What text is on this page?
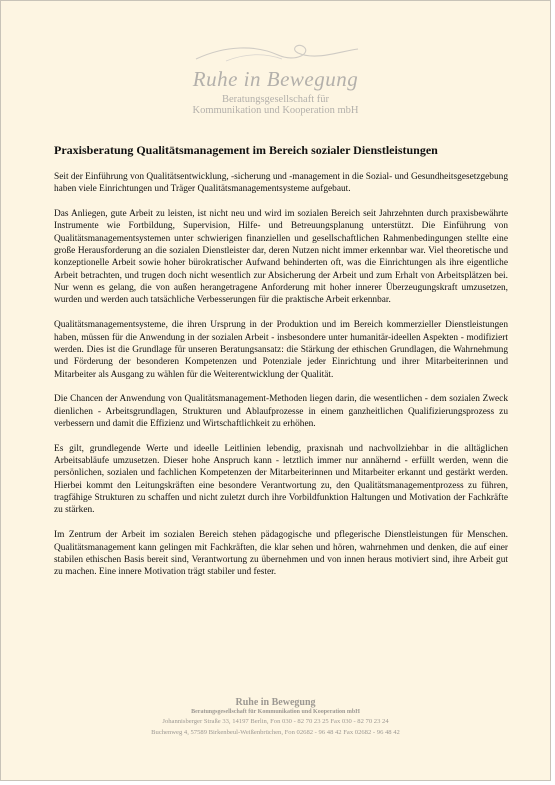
Ruhe in Bewegung
Beratungsgesellschaft für
Kommunikation und Kooperation mbH
Praxisberatung Qualitätsmanagement im Bereich sozialer Dienstleistungen

Seit der Einführung von Qualitätsentwicklung, -sicherung und -management in die Sozial- und Gesundheitsgesetzgebung haben viele Einrichtungen und Träger Qualitätsmanagementsysteme aufgebaut.

Das Anliegen, gute Arbeit zu leisten, ist nicht neu und wird im sozialen Bereich seit Jahrzehnten durch praxisbewährte Instrumente wie Fortbildung, Supervision, Hilfe- und Betreuungsplanung unterstützt. Die Einführung von Qualitätsmanagementsystemen unter schwierigen finanziellen und gesellschaftlichen Rahmenbedingungen stellte eine große Herausforderung an die sozialen Dienstleister dar, deren Nutzen nicht immer erkennbar war. Viel theoretische und konzeptionelle Arbeit sowie hoher bürokratischer Aufwand behinderten oft, was die Einrichtungen als ihre eigentliche Arbeit betrachten, und trugen doch nicht wesentlich zur Absicherung der Arbeit und zum Erhalt von Arbeitsplätzen bei. Nur wenn es gelang, die von außen herangetragene Anforderung mit hoher innerer Überzeugungskraft umzusetzen, wurden und werden auch tatsächliche Verbesserungen für die praktische Arbeit erkennbar.

Qualitätsmanagementsysteme, die ihren Ursprung in der Produktion und im Bereich kommerzieller Dienstleistungen haben, müssen für die Anwendung in der sozialen Arbeit - insbesondere unter humanitär-ideellen Aspekten - modifiziert werden. Dies ist die Grundlage für unseren Beratungsansatz: die Stärkung der ethischen Grundlagen, die Wahrnehmung und Förderung der besonderen Kompetenzen und Potenziale jeder Einrichtung und ihrer Mitarbeiterinnen und Mitarbeiter als Ausgang zu wählen für die Weiterentwicklung der Qualität.

Die Chancen der Anwendung von Qualitätsmanagement-Methoden liegen darin, die wesentlichen - dem sozialen Zweck dienlichen - Arbeitsgrundlagen, Strukturen und Ablaufprozesse in einem ganzheitlichen Qualifizierungsprozess zu verbessern und damit die Effizienz und Wirtschaftlichkeit zu erhöhen.

Es gilt, grundlegende Werte und ideelle Leitlinien lebendig, praxisnah und nachvollziehbar in die alltäglichen Arbeitsabläufe umzusetzen. Dieser hohe Anspruch kann - letztlich immer nur annähernd - erfüllt werden, wenn die persönlichen, sozialen und fachlichen Kompetenzen der Mitarbeiterinnen und Mitarbeiter erkannt und gestärkt werden. Hierbei kommt den Leitungskräften eine besondere Verantwortung zu, den Qualitätsmanagementprozess zu führen, tragfähige Strukturen zu schaffen und nicht zuletzt durch ihre Vorbildfunktion Haltungen und Motivation der Fachkräfte zu stärken.

Im Zentrum der Arbeit im sozialen Bereich stehen pädagogische und pflegerische Dienstleistungen für Menschen. Qualitätsmanagement kann gelingen mit Fachkräften, die klar sehen und hören, wahrnehmen und denken, die auf einer stabilen ethischen Basis bereit sind, Verantwortung zu übernehmen und von innen heraus motiviert sind, ihre Arbeit gut zu machen. Eine innere Motivation trägt stabiler und fester.

Ruhe in Bewegung
Beratungsgesellschaft für Kommunikation und Kooperation mbH
Johannisberger Straße 33, 14197 Berlin, Fon 030 - 82 70 23 25 Fax 030 - 82 70 23 24
Buchenweg 4, 57589 Birkenbeul-Weißenbrüchen, Fon 02682 - 96 48 42 Fax 02682 - 96 48 42
